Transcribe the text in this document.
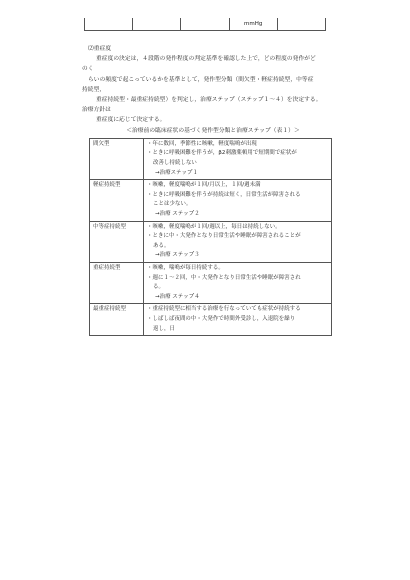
			mmHg	

⑵重症度

重症度の決定は，４段階の発作程度の判定基準を確認した上で，どの程度の発作がど

のく

らいの頻度で起こっているかを基準として，発作型分類（間欠型・軽症持続型，中等症

持続型，

重症持続型・最重症持続型）を判定し，治療ステップ（ステップ１～４）を決定する。

治療方針は

重症度に応じて決定する。

＜治療前の臨床症状の基づく発作型分類と治療ステップ（表１）＞

間欠型	・年に数回，季節性に咳嗽，軽度喘鳴が出現
・ときに呼吸困難を伴うが，β2刺激薬頓用で短期間で症状が
改善し持続しない
→治療ステップ１

軽症持続型	・咳嗽，軽度喘鳴が１回/月以上，１回/週未満
・ときに呼吸困難を伴うが持続は短く，日常生活が障害される
ことは少ない。
→治療 ステップ２

中等症持続型	・咳嗽，軽度喘鳴が１回/週以上，毎日は持続しない。
・ときに中・大発作となり日常生活や睡眠が障害されることが
ある。
→治療 ステップ３

重症持続型	・咳嗽，喘鳴が毎日持続する。
・週に１～２回，中・大発作となり日常生活や睡眠が障害され
る。
→治療 ステップ４

最重症持続型	・重症持続型に相当する治療を行なっていても症状が持続する
・しばしば夜間の中・大発作で時間外受診し，入退院を繰り
返し，日
